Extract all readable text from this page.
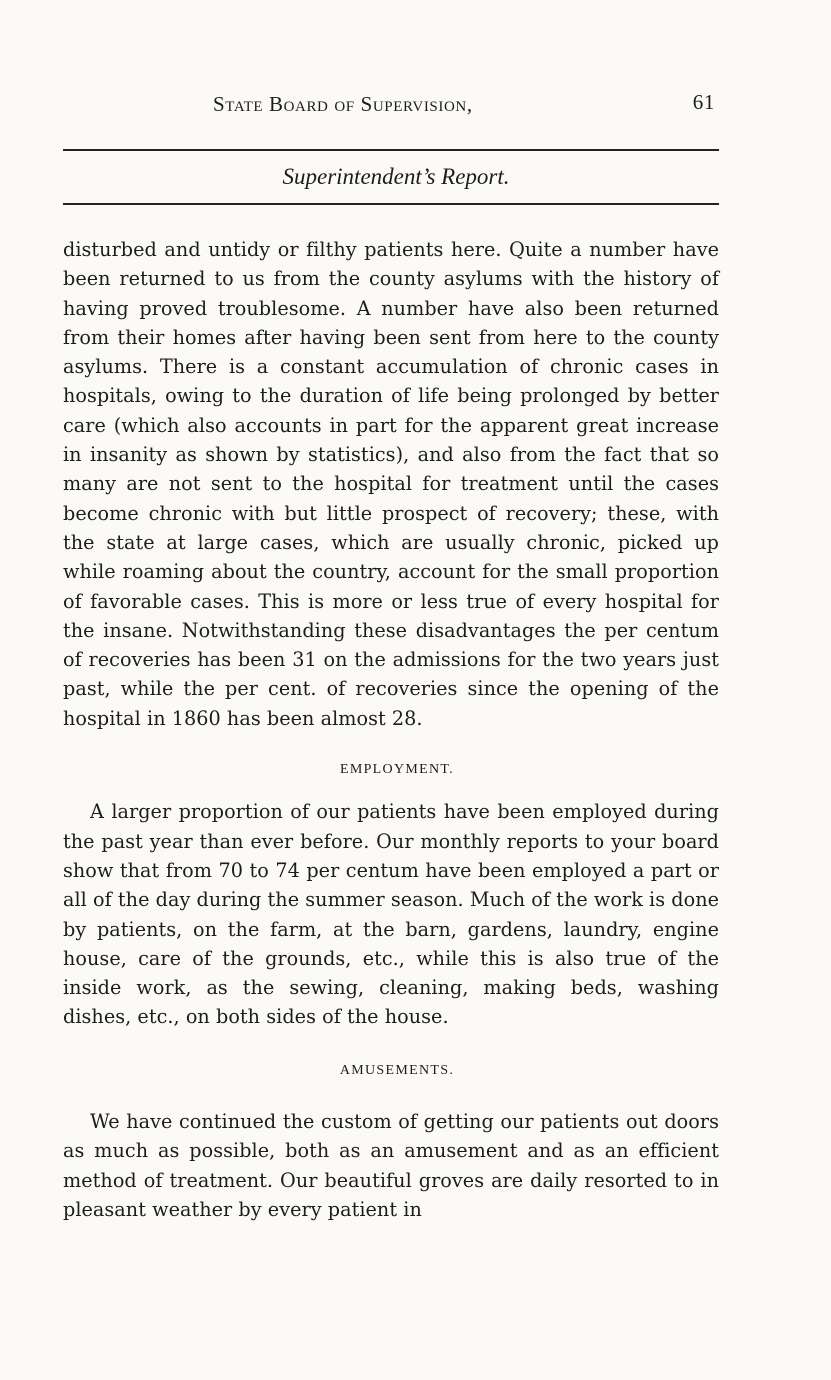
State Board of Supervision,	61
Superintendent’s Report.

disturbed and untidy or filthy patients here. Quite a number have been returned to us from the county asylums with the history of having proved troublesome. A number have also been returned from their homes after having been sent from here to the county asylums. There is a constant accumulation of chronic cases in hospitals, owing to the duration of life being prolonged by better care (which also accounts in part for the apparent great increase in insanity as shown by statistics), and also from the fact that so many are not sent to the hospital for treatment until the cases become chronic with but little prospect of recovery; these, with the state at large cases, which are usually chronic, picked up while roaming about the country, account for the small proportion of favorable cases. This is more or less true of every hospital for the insane. Notwithstanding these disadvantages the per centum of recoveries has been 31 on the admissions for the two years just past, while the per cent. of recoveries since the opening of the hospital in 1860 has been almost 28.

EMPLOYMENT.

A larger proportion of our patients have been employed during the past year than ever before. Our monthly reports to your board show that from 70 to 74 per centum have been employed a part or all of the day during the summer season. Much of the work is done by patients, on the farm, at the barn, gardens, laundry, engine house, care of the grounds, etc., while this is also true of the inside work, as the sewing, cleaning, making beds, washing dishes, etc., on both sides of the house.

AMUSEMENTS.

We have continued the custom of getting our patients out doors as much as possible, both as an amusement and as an efficient method of treatment. Our beautiful groves are daily resorted to in pleasant weather by every patient in
